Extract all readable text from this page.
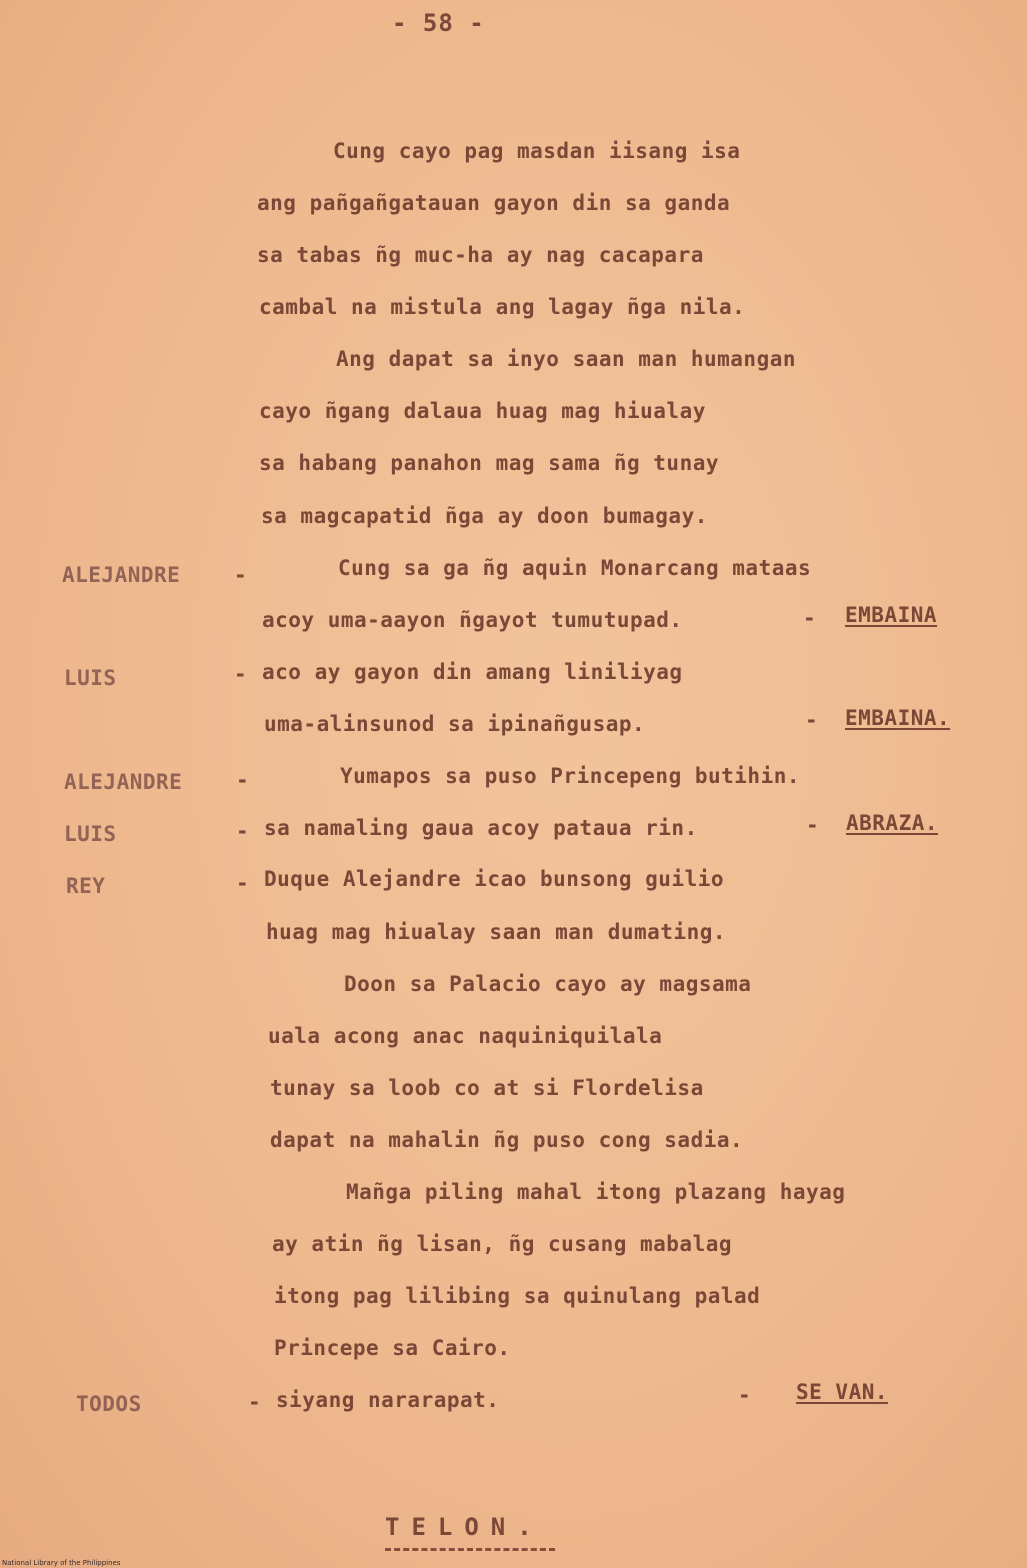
- 58 -
Cung cayo pag masdan iisang isa
ang pañgañgatauan gayon din sa ganda
sa tabas ñg muc-ha ay nag cacapara
cambal na mistula ang lagay ñga nila.
Ang dapat sa inyo saan man humangan
cayo ñgang dalaua huag mag hiualay
sa habang panahon mag sama ñg tunay
sa magcapatid ñga ay doon bumagay.
ALEJANDRE	-	Cung sa ga ñg aquin Monarcang mataas
acoy uma-aayon ñgayot tumutupad.	- EMBAINA
LUIS	- aco ay gayon din amang liniliyag
uma-alinsunod sa ipinañgusap.	- EMBAINA.
ALEJANDRE	-	Yumapos sa puso Princepeng butihin.
LUIS	- sa namaling gaua acoy pataua rin.	- ABRAZA.
REY	- Duque Alejandre icao bunsong guilio
huag mag hiualay saan man dumating.
Doon sa Palacio cayo ay magsama
uala acong anac naquiniquilala
tunay sa loob co at si Flordelisa
dapat na mahalin ñg puso cong sadia.
Mañga piling mahal itong plazang hayag
ay atin ñg lisan, ñg cusang mabalag
itong pag lilibing sa quinulang palad
Princepe sa Cairo.
TODOS	- siyang nararapat.	- SE VAN.
TELON.
National Library of the Philippines
